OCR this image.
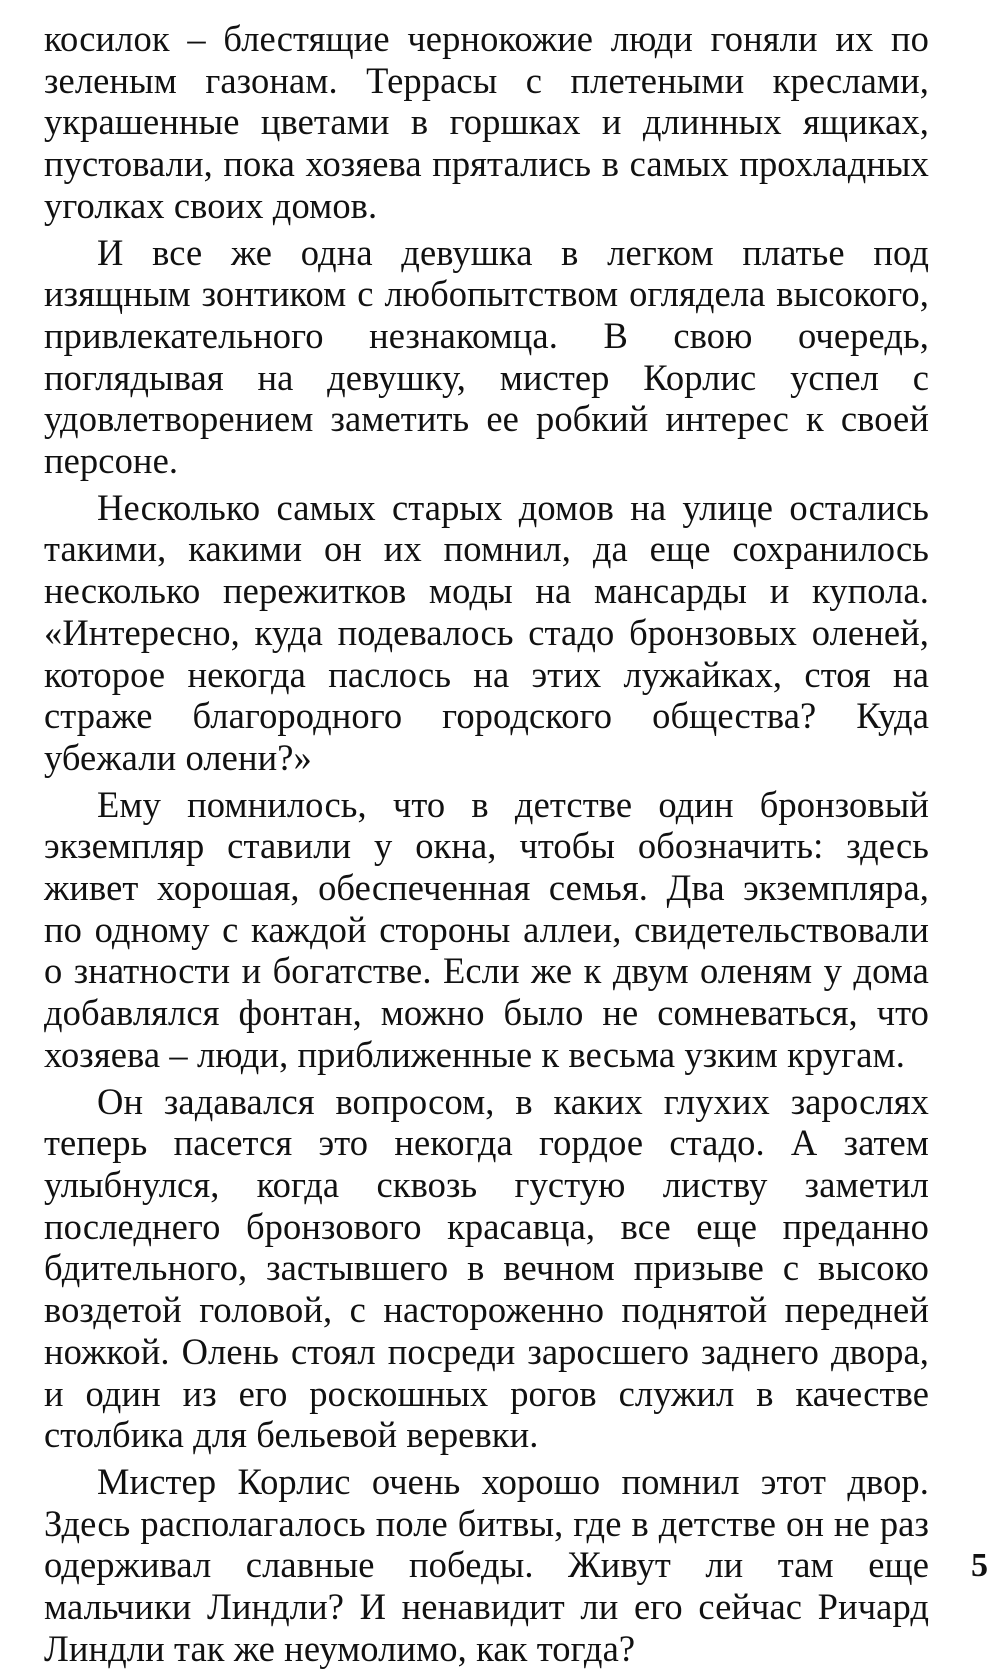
косилок – блестящие чернокожие люди гоняли их по зеленым газонам. Террасы с плетеными креслами, украшенные цветами в горшках и длинных ящиках, пустовали, пока хозяева прятались в самых прохладных уголках своих домов.

И все же одна девушка в легком платье под изящным зонтиком с любопытством оглядела высокого, привлекательного незнакомца. В свою очередь, поглядывая на девушку, мистер Корлис успел с удовлетворением заметить ее робкий интерес к своей персоне.

Несколько самых старых домов на улице остались такими, какими он их помнил, да еще сохранилось несколько пережитков моды на мансарды и купола. «Интересно, куда подевалось стадо бронзовых оленей, которое некогда паслось на этих лужайках, стоя на страже благородного городского общества? Куда убежали олени?»

Ему помнилось, что в детстве один бронзовый экземпляр ставили у окна, чтобы обозначить: здесь живет хорошая, обеспеченная семья. Два экземпляра, по одному с каждой стороны аллеи, свидетельствовали о знатности и богатстве. Если же к двум оленям у дома добавлялся фонтан, можно было не сомневаться, что хозяева – люди, приближенные к весьма узким кругам.

Он задавался вопросом, в каких глухих зарослях теперь пасется это некогда гордое стадо. А затем улыбнулся, когда сквозь густую листву заметил последнего бронзового красавца, все еще преданно бдительного, застывшего в вечном призыве с высоко воздетой головой, с настороженно поднятой передней ножкой. Олень стоял посреди заросшего заднего двора, и один из его роскошных рогов служил в качестве столбика для бельевой веревки.

Мистер Корлис очень хорошо помнил этот двор. Здесь располагалось поле битвы, где в детстве он не раз одерживал славные победы. Живут ли там еще мальчики Линдли? И ненавидит ли его сейчас Ричард Линдли так же неумолимо, как тогда?

5
